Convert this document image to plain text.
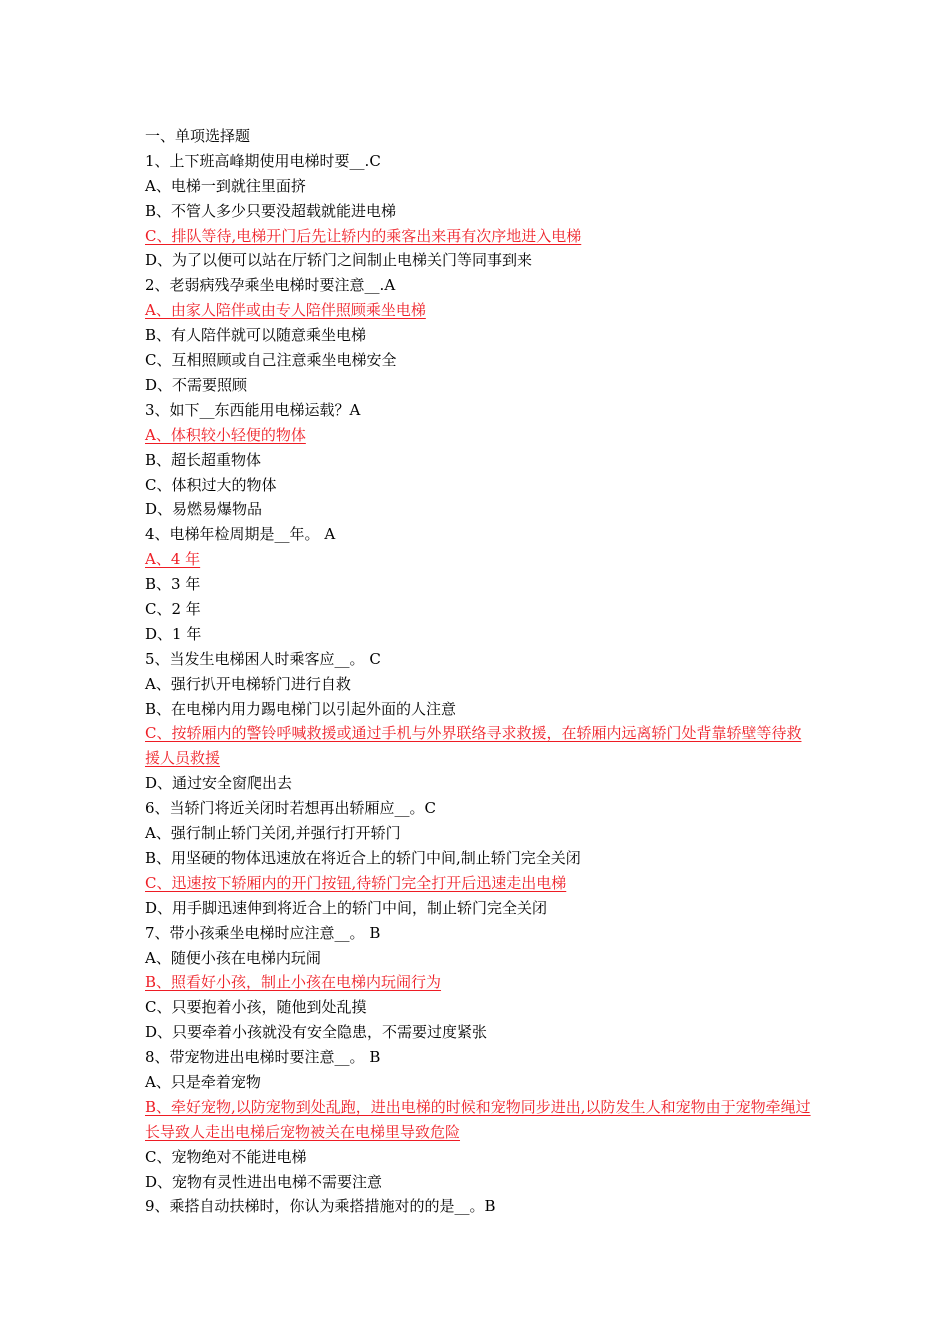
一、单项选择题
1、上下班高峰期使用电梯时要__.C
A、电梯一到就往里面挤
B、不管人多少只要没超载就能进电梯
C、排队等待,电梯开门后先让轿内的乘客出来再有次序地进入电梯
D、为了以便可以站在厅轿门之间制止电梯关门等同事到来
2、老弱病残孕乘坐电梯时要注意__.A
A、由家人陪伴或由专人陪伴照顾乘坐电梯
B、有人陪伴就可以随意乘坐电梯
C、互相照顾或自己注意乘坐电梯安全
D、不需要照顾
3、如下__东西能用电梯运载？A
A、体积较小轻便的物体
B、超长超重物体
C、体积过大的物体
D、易燃易爆物品
4、电梯年检周期是__年。 A
A、4 年
B、3 年
C、2 年
D、1 年
5、当发生电梯困人时乘客应__。 C
A、强行扒开电梯轿门进行自救
B、在电梯内用力踢电梯门以引起外面的人注意
C、按轿厢内的警铃呼喊救援或通过手机与外界联络寻求救援，在轿厢内远离轿门处背靠轿壁等待救援人员救援
D、通过安全窗爬出去
6、当轿门将近关闭时若想再出轿厢应__。C
A、强行制止轿门关闭,并强行打开轿门
B、用坚硬的物体迅速放在将近合上的轿门中间,制止轿门完全关闭
C、迅速按下轿厢内的开门按钮,待轿门完全打开后迅速走出电梯
D、用手脚迅速伸到将近合上的轿门中间，制止轿门完全关闭
7、带小孩乘坐电梯时应注意__。 B
A、随便小孩在电梯内玩闹
B、照看好小孩，制止小孩在电梯内玩闹行为
C、只要抱着小孩，随他到处乱摸
D、只要牵着小孩就没有安全隐患，不需要过度紧张
8、带宠物进出电梯时要注意__。 B
A、只是牵着宠物
B、牵好宠物,以防宠物到处乱跑，进出电梯的时候和宠物同步进出,以防发生人和宠物由于宠物牵绳过长导致人走出电梯后宠物被关在电梯里导致危险
C、宠物绝对不能进电梯
D、宠物有灵性进出电梯不需要注意
9、乘搭自动扶梯时，你认为乘搭措施对的的是__。B
